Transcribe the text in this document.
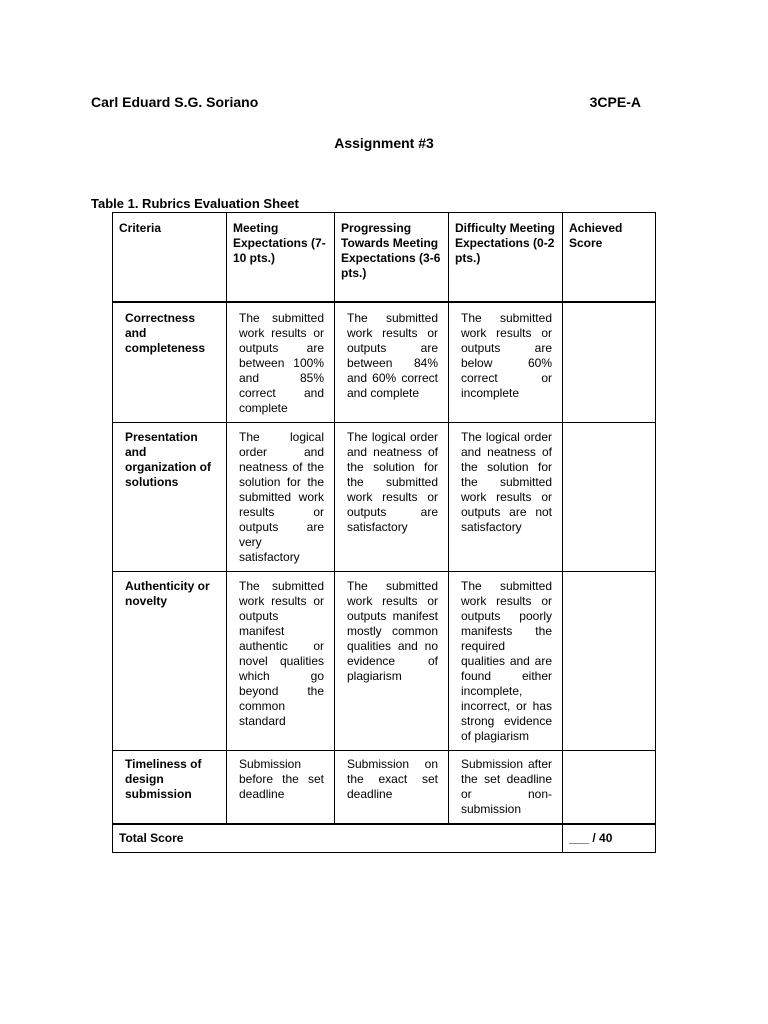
Carl Eduard S.G. Soriano	3CPE-A
Assignment #3
Table 1. Rubrics Evaluation Sheet
Criteria	Meeting Expectations (7-10 pts.)	Progressing Towards Meeting Expectations (3-6 pts.)	Difficulty Meeting Expectations (0-2 pts.)	Achieved Score
Correctness and completeness	The submitted work results or outputs are between 100% and 85% correct and complete	The submitted work results or outputs are between 84% and 60% correct and complete	The submitted work results or outputs are below 60% correct or incomplete	
Presentation and organization of solutions	The logical order and neatness of the solution for the submitted work results or outputs are very satisfactory	The logical order and neatness of the solution for the submitted work results or outputs are satisfactory	The logical order and neatness of the solution for the submitted work results or outputs are not satisfactory	
Authenticity or novelty	The submitted work results or outputs manifest authentic or novel qualities which go beyond the common standard	The submitted work results or outputs manifest mostly common qualities and no evidence of plagiarism	The submitted work results or outputs poorly manifests the required qualities and are found either incomplete, incorrect, or has strong evidence of plagiarism	
Timeliness of design submission	Submission before the set deadline	Submission on the exact set deadline	Submission after the set deadline or non-submission	
Total Score				___ / 40
